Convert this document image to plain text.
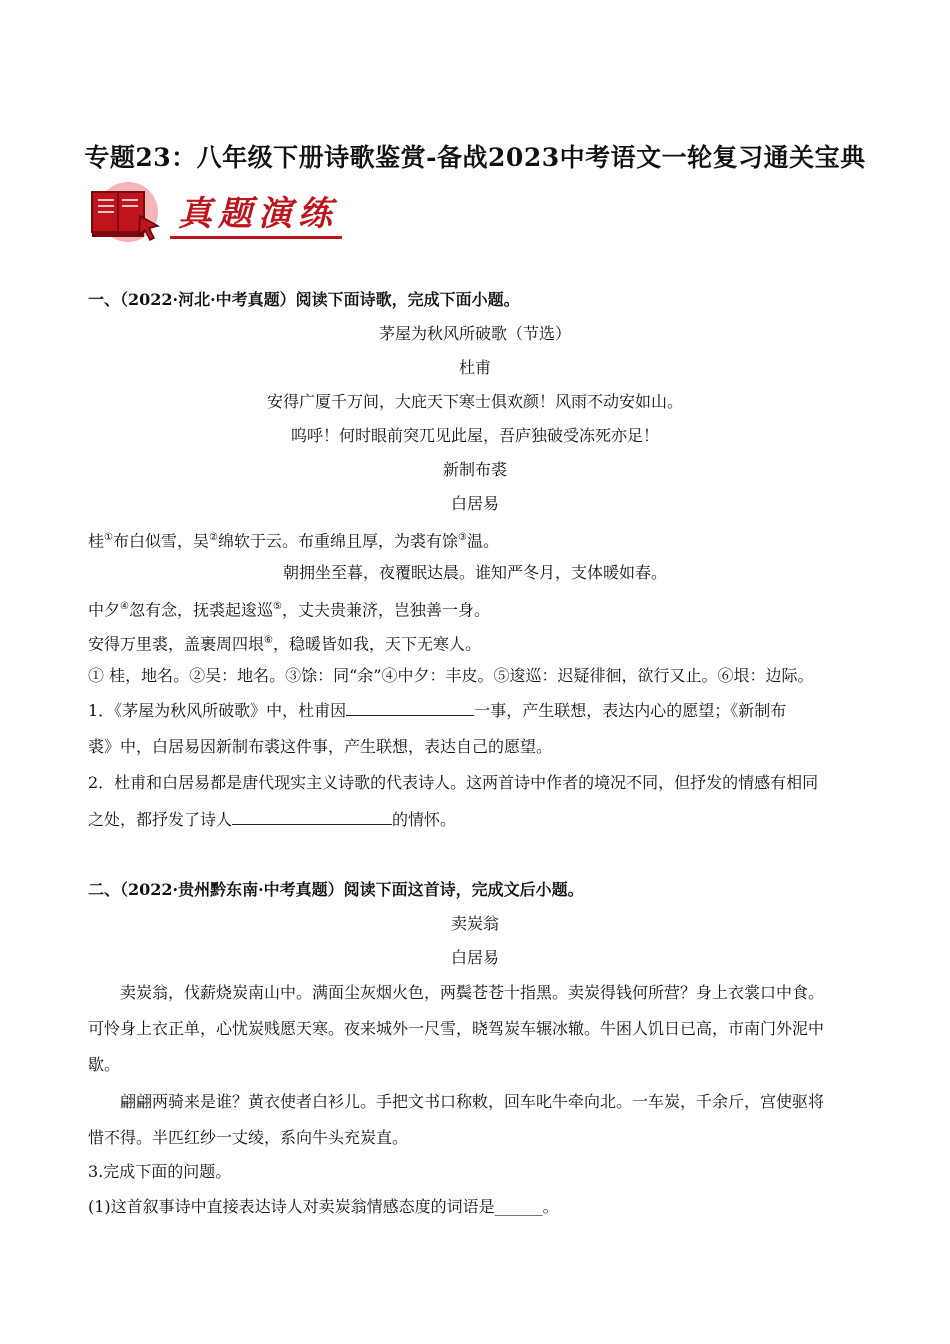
专题23：八年级下册诗歌鉴赏-备战2023中考语文一轮复习通关宝典
真题演练
一、（2022·河北·中考真题）阅读下面诗歌，完成下面小题。
茅屋为秋风所破歌（节选）
杜甫
安得广厦千万间，大庇天下寒士俱欢颜！风雨不动安如山。
呜呼！何时眼前突兀见此屋，吾庐独破受冻死亦足！
新制布裘
白居易
桂①布白似雪，吴②绵软于云。布重绵且厚，为裘有馀③温。
朝拥坐至暮，夜覆眠达晨。谁知严冬月，支体暖如春。
中夕④忽有念，抚裘起逡巡⑤，丈夫贵兼济，岂独善一身。
安得万里裘，盖裹周四垠⑥，稳暖皆如我，天下无寒人。
① 桂，地名。②吴：地名。③馀：同“余”④中夕：丰皮。⑤逡巡：迟疑徘徊，欲行又止。⑥垠：边际。
1．《茅屋为秋风所破歌》中，杜甫因	一事，产生联想，表达内心的愿望；《新制布
裘》中，白居易因新制布裘这件事，产生联想，表达自己的愿望。
2．杜甫和白居易都是唐代现实主义诗歌的代表诗人。这两首诗中作者的境况不同，但抒发的情感有相同
之处，都抒发了诗人	的情怀。
二、（2022·贵州黔东南·中考真题）阅读下面这首诗，完成文后小题。
卖炭翁
白居易
卖炭翁，伐薪烧炭南山中。满面尘灰烟火色，两鬓苍苍十指黑。卖炭得钱何所营？身上衣裳口中食。
可怜身上衣正单，心忧炭贱愿天寒。夜来城外一尺雪，晓驾炭车辗冰辙。牛困人饥日已高，市南门外泥中
歇。
翩翩两骑来是谁？黄衣使者白衫儿。手把文书口称敕，回车叱牛牵向北。一车炭，千余斤，宫使驱将
惜不得。半匹红纱一丈绫，系向牛头充炭直。
3.完成下面的问题。
(1)这首叙事诗中直接表达诗人对卖炭翁情感态度的词语是______。
